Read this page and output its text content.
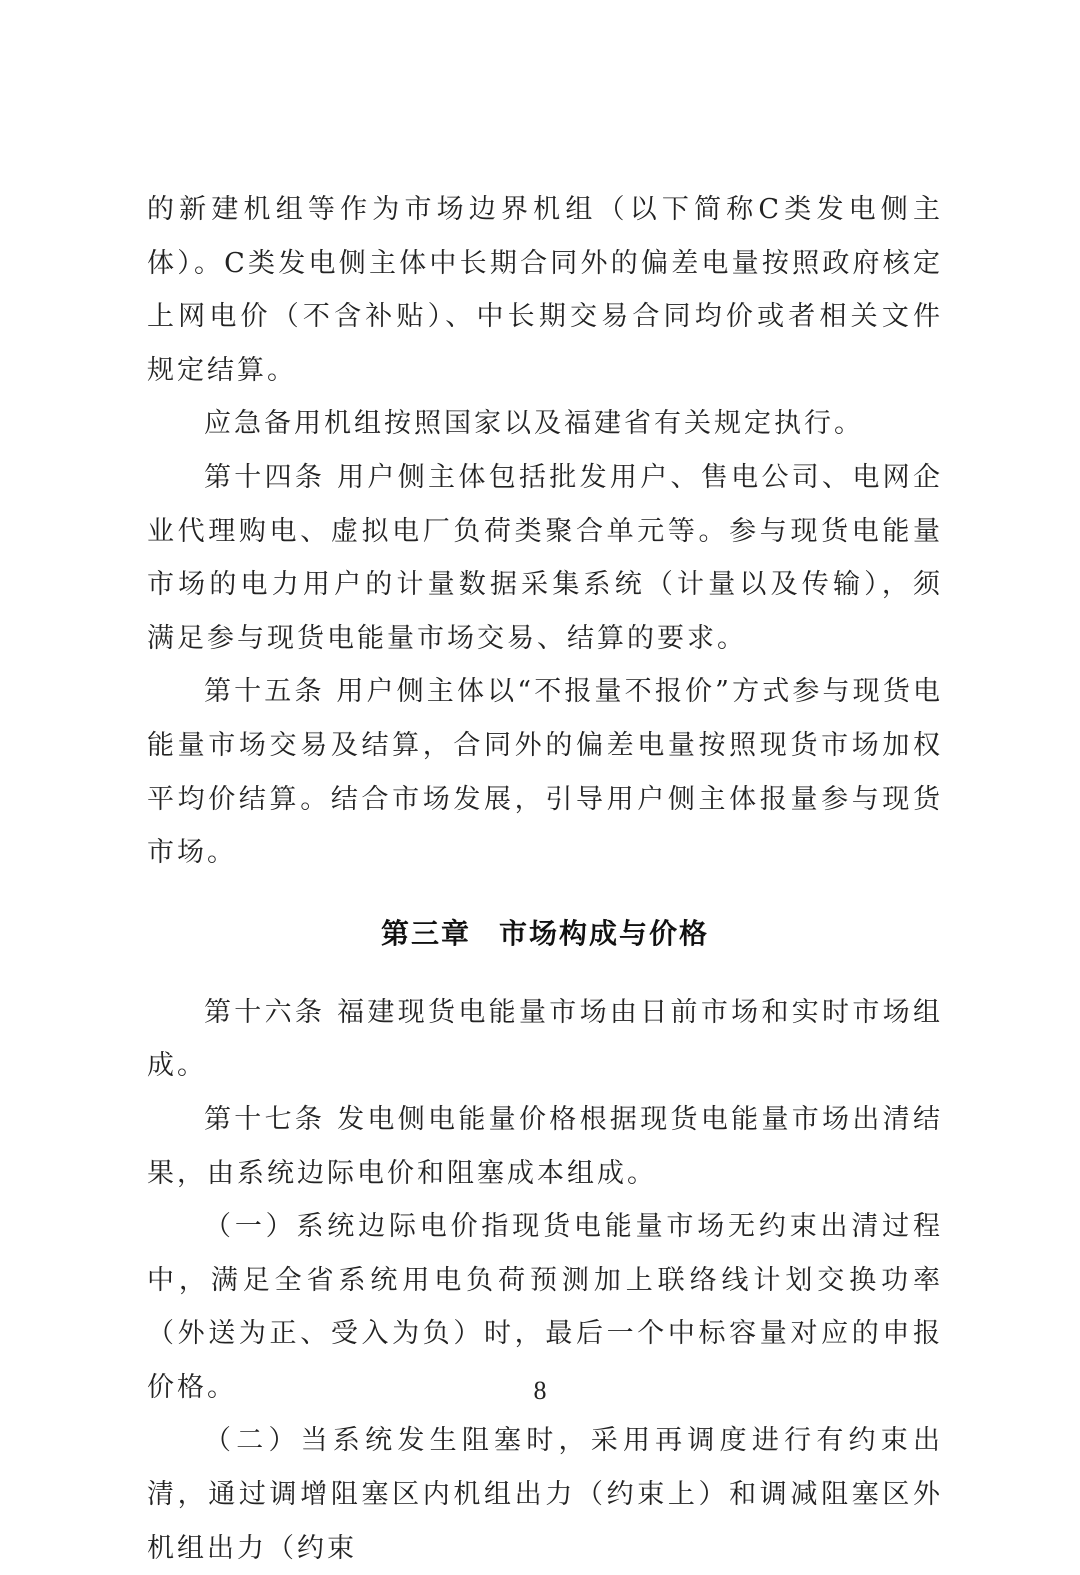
的新建机组等作为市场边界机组（以下简称C类发电侧主体）。C类发电侧主体中长期合同外的偏差电量按照政府核定上网电价（不含补贴）、中长期交易合同均价或者相关文件规定结算。

应急备用机组按照国家以及福建省有关规定执行。

第十四条 用户侧主体包括批发用户、售电公司、电网企业代理购电、虚拟电厂负荷类聚合单元等。参与现货电能量市场的电力用户的计量数据采集系统（计量以及传输），须满足参与现货电能量市场交易、结算的要求。

第十五条 用户侧主体以“不报量不报价”方式参与现货电能量市场交易及结算，合同外的偏差电量按照现货市场加权平均价结算。结合市场发展，引导用户侧主体报量参与现货市场。

第三章 市场构成与价格

第十六条 福建现货电能量市场由日前市场和实时市场组成。

第十七条 发电侧电能量价格根据现货电能量市场出清结果，由系统边际电价和阻塞成本组成。

（一）系统边际电价指现货电能量市场无约束出清过程中，满足全省系统用电负荷预测加上联络线计划交换功率（外送为正、受入为负）时，最后一个中标容量对应的申报价格。

（二）当系统发生阻塞时，采用再调度进行有约束出清，通过调增阻塞区内机组出力（约束上）和调减阻塞区外机组出力（约束

8
